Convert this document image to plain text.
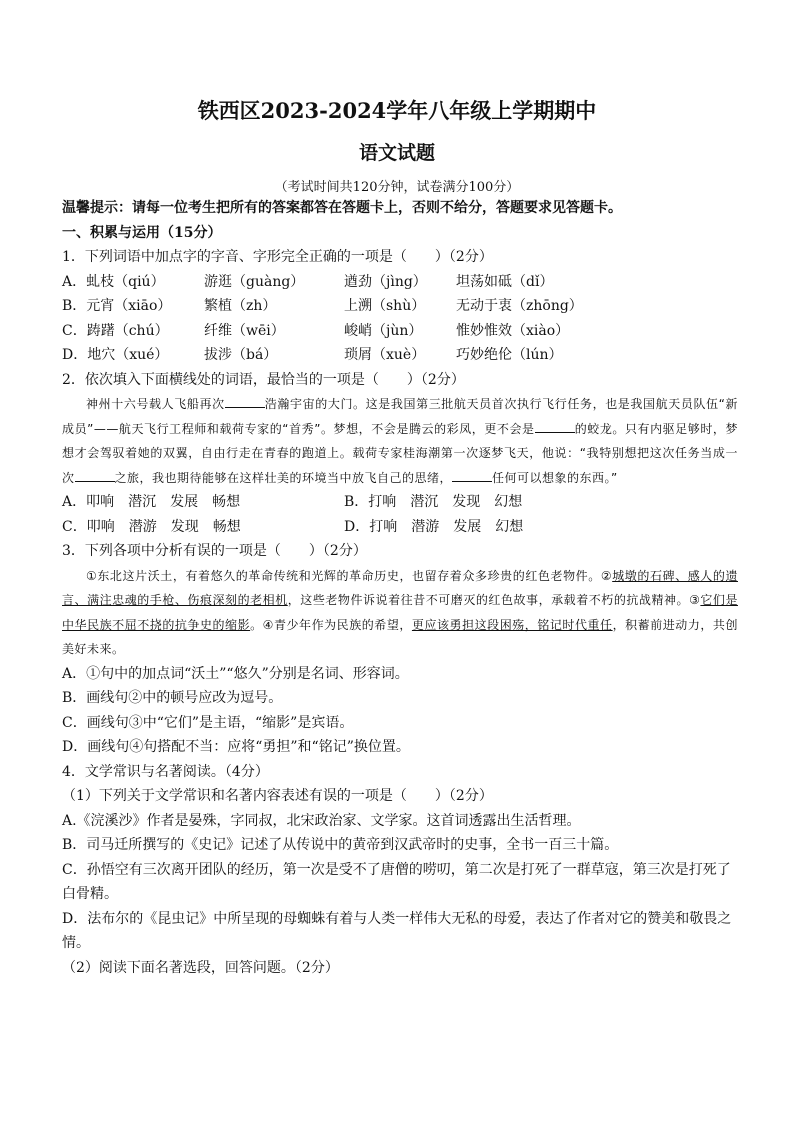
铁西区2023-2024学年八年级上学期期中
语文试题
（考试时间共120分钟，试卷满分100分）
温馨提示：请每一位考生把所有的答案都答在答题卡上，否则不给分，答题要求见答题卡。
一、积累与运用（15分）
1．下列词语中加点字的字音、字形完全正确的一项是（　　）（2分）
A．虬枝（qiú）	游逛（guàng）	遒劲（jìng）	坦荡如砥（dǐ）
B．元宵（xiāo）	繁植（zh）	上溯（shù）	无动于衷（zhōng）
C．踌躇（chú）	纤维（wēi）	峻峭（jùn）	惟妙惟效（xiào）
D．地穴（xué）	拔涉（bá）	琐屑（xuè）	巧妙绝伦（lún）
2．依次填入下面横线处的词语，最恰当的一项是（　　）（2分）
神州十六号载人飞船再次	浩瀚宇宙的大门。这是我国第三批航天员首次执行飞行任务，也是我国航天员队伍“新成员”——航天飞行工程师和载荷专家的“首秀”。梦想，不会是腾云的彩凤，更不会是	的蛟龙。只有内驱足够时，梦想才会驾驭着她的双翼，自由行走在青春的跑道上。载荷专家桂海潮第一次逐梦飞天，他说：“我特别想把这次任务当成一次	之旅，我也期待能够在这样壮美的环境当中放飞自己的思绪，	任何可以想象的东西。”
A．叩响　潜沉　发展　畅想	B．打响　潜沉　发现　幻想
C．叩响　潜游　发现　畅想	D．打响　潜游　发展　幻想
3．下列各项中分析有误的一项是（　　）（2分）
①东北这片沃土，有着悠久的革命传统和光辉的革命历史，也留存着众多珍贵的红色老物件。②城墩的石碑、感人的遗言、满注忠魂的手枪、伤痕深刻的老相机，这些老物件诉说着往昔不可磨灭的红色故事，承载着不朽的抗战精神。③它们是中华民族不屈不挠的抗争史的缩影。④青少年作为民族的希望，更应该勇担这段困殇，铭记时代重任，积蓄前进动力，共创美好未来。
A．①句中的加点词“沃土”“悠久”分别是名词、形容词。
B．画线句②中的顿号应改为逗号。
C．画线句③中“它们”是主语，“缩影”是宾语。
D．画线句④句搭配不当：应将“勇担”和“铭记”换位置。
4．文学常识与名著阅读。（4分）
（1）下列关于文学常识和名著内容表述有误的一项是（　　）（2分）
A.《浣溪沙》作者是晏殊，字同叔，北宋政治家、文学家。这首词透露出生活哲理。
B．司马迁所撰写的《史记》记述了从传说中的黄帝到汉武帝时的史事，全书一百三十篇。
C．孙悟空有三次离开团队的经历，第一次是受不了唐僧的唠叨，第二次是打死了一群草寇，第三次是打死了白骨精。
D．法布尔的《昆虫记》中所呈现的母蜘蛛有着与人类一样伟大无私的母爱，表达了作者对它的赞美和敬畏之情。
（2）阅读下面名著选段，回答问题。（2分）
